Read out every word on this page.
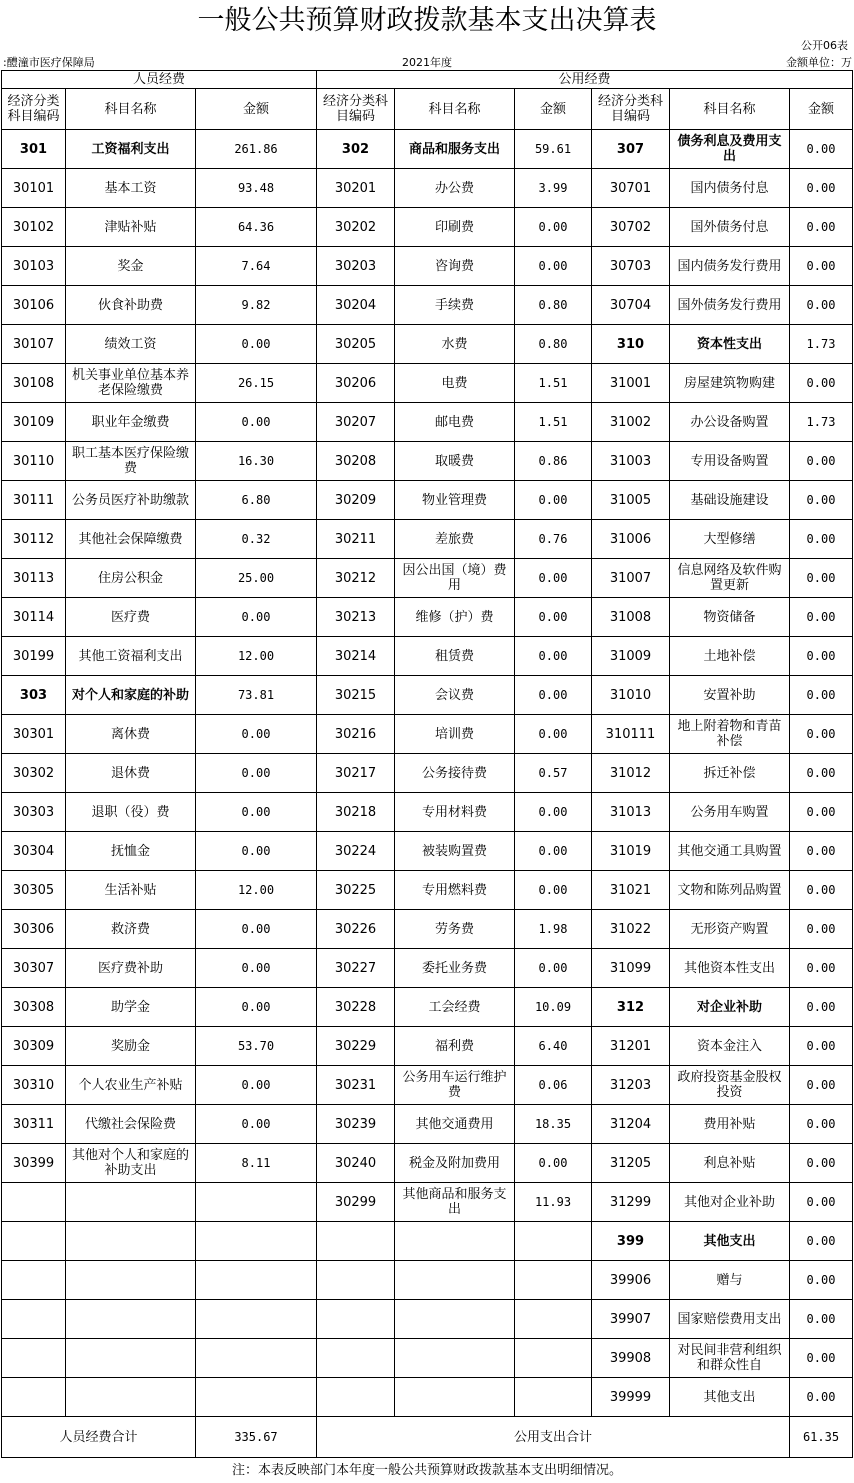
一般公共预算财政拨款基本支出决算表
公开06表
:醴潼市医疗保障局	2021年度	金额单位：万
人员经费			公用经费					
经济分类科目编码	科目名称	金额	经济分类科目编码	科目名称	金额	经济分类科目编码	科目名称	金额
301	工资福利支出	261.86	302	商品和服务支出	59.61	307	债务利息及费用支出	0.00
30101	基本工资	93.48	30201	办公费	3.99	30701	国内债务付息	0.00
30102	津贴补贴	64.36	30202	印刷费	0.00	30702	国外债务付息	0.00
30103	奖金	7.64	30203	咨询费	0.00	30703	国内债务发行费用	0.00
30106	伙食补助费	9.82	30204	手续费	0.80	30704	国外债务发行费用	0.00
30107	绩效工资	0.00	30205	水费	0.80	310	资本性支出	1.73
30108	机关事业单位基本养老保险缴费	26.15	30206	电费	1.51	31001	房屋建筑物购建	0.00
30109	职业年金缴费	0.00	30207	邮电费	1.51	31002	办公设备购置	1.73
30110	职工基本医疗保险缴费	16.30	30208	取暖费	0.86	31003	专用设备购置	0.00
30111	公务员医疗补助缴款	6.80	30209	物业管理费	0.00	31005	基础设施建设	0.00
30112	其他社会保障缴费	0.32	30211	差旅费	0.76	31006	大型修缮	0.00
30113	住房公积金	25.00	30212	因公出国（境）费用	0.00	31007	信息网络及软件购置更新	0.00
30114	医疗费	0.00	30213	维修（护）费	0.00	31008	物资储备	0.00
30199	其他工资福利支出	12.00	30214	租赁费	0.00	31009	土地补偿	0.00
303	对个人和家庭的补助	73.81	30215	会议费	0.00	31010	安置补助	0.00
30301	离休费	0.00	30216	培训费	0.00	310111	地上附着物和青苗补偿	0.00
30302	退休费	0.00	30217	公务接待费	0.57	31012	拆迁补偿	0.00
30303	退职（役）费	0.00	30218	专用材料费	0.00	31013	公务用车购置	0.00
30304	抚恤金	0.00	30224	被装购置费	0.00	31019	其他交通工具购置	0.00
30305	生活补贴	12.00	30225	专用燃料费	0.00	31021	文物和陈列品购置	0.00
30306	救济费	0.00	30226	劳务费	1.98	31022	无形资产购置	0.00
30307	医疗费补助	0.00	30227	委托业务费	0.00	31099	其他资本性支出	0.00
30308	助学金	0.00	30228	工会经费	10.09	312	对企业补助	0.00
30309	奖励金	53.70	30229	福利费	6.40	31201	资本金注入	0.00
30310	个人农业生产补贴	0.00	30231	公务用车运行维护费	0.06	31203	政府投资基金股权投资	0.00
30311	代缴社会保险费	0.00	30239	其他交通费用	18.35	31204	费用补贴	0.00
30399	其他对个人和家庭的补助支出	8.11	30240	税金及附加费用	0.00	31205	利息补贴	0.00
			30299	其他商品和服务支出	11.93	31299	其他对企业补助	0.00
						399	其他支出	0.00
						39906	赠与	0.00
						39907	国家赔偿费用支出	0.00
						39908	对民间非营利组织和群众性自	0.00
						39999	其他支出	0.00
人员经费合计		335.67	公用支出合计					61.35
注：本表反映部门本年度一般公共预算财政拨款基本支出明细情况。
